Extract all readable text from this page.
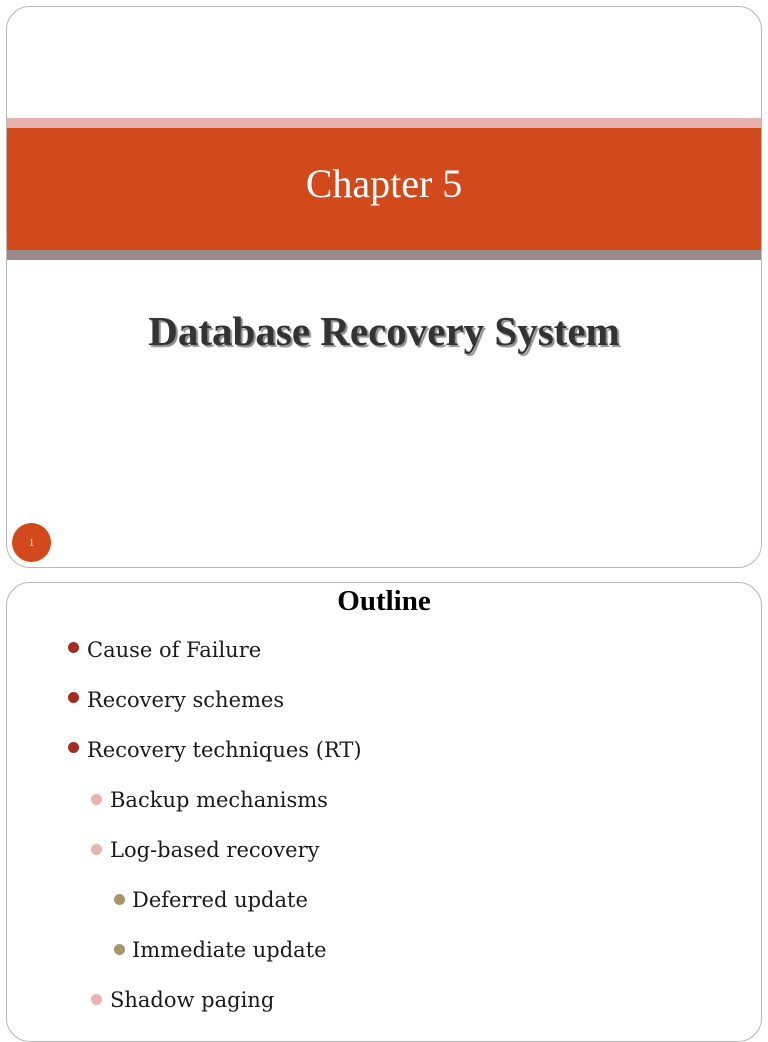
Chapter 5
Database Recovery System
1
Outline
Cause of Failure
Recovery schemes
Recovery techniques (RT)
Backup mechanisms
Log-based recovery
Deferred update
Immediate update
Shadow paging
